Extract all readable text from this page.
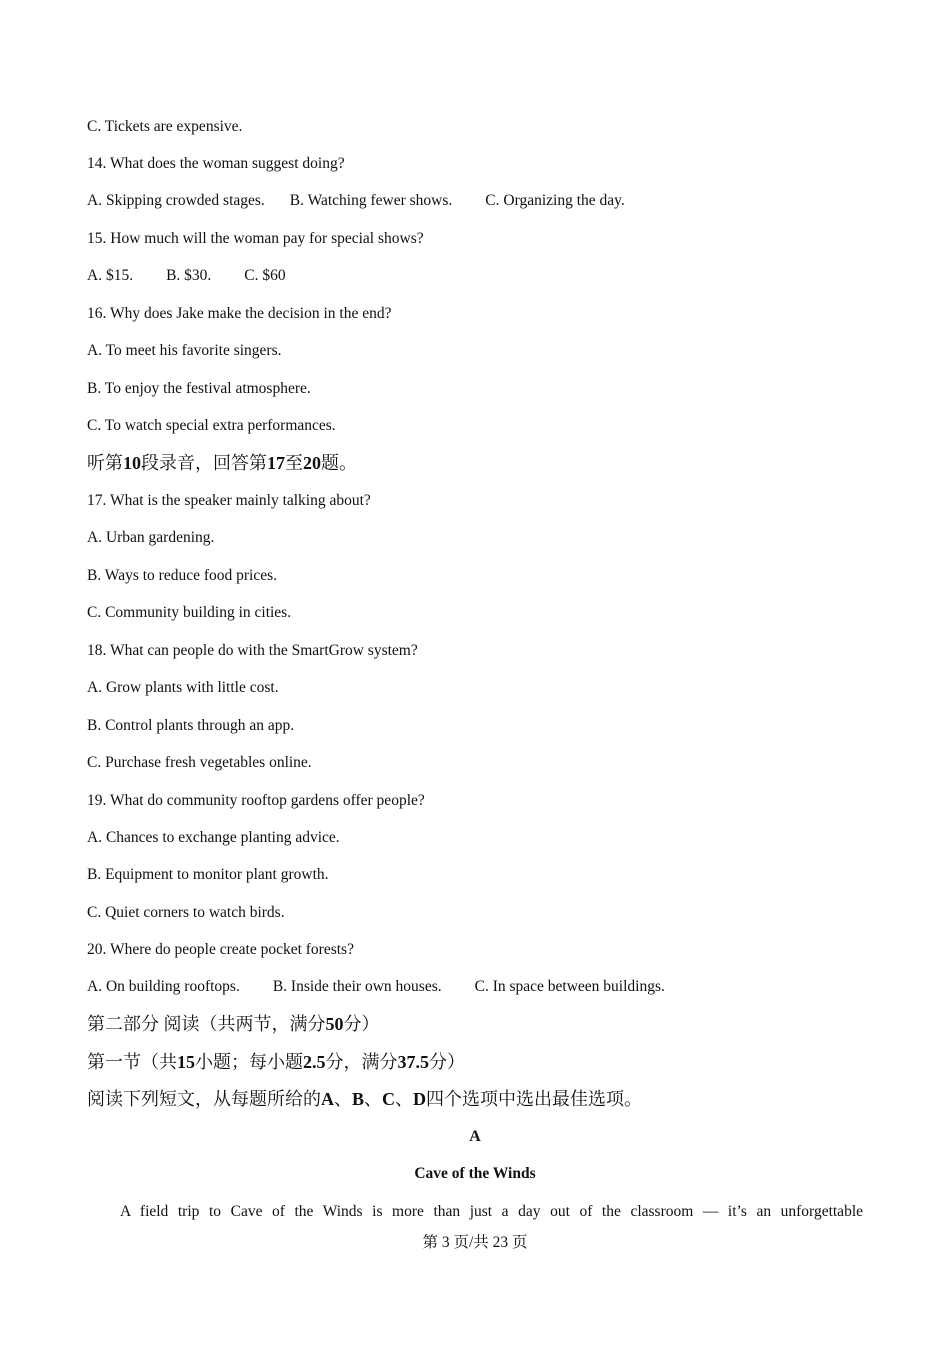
C. Tickets are expensive.
14. What does the woman suggest doing?
A. Skipping crowded stages. B. Watching fewer shows. C. Organizing the day.
15. How much will the woman pay for special shows?
A. $15. B. $30. C. $60
16. Why does Jake make the decision in the end?
A. To meet his favorite singers.
B. To enjoy the festival atmosphere.
C. To watch special extra performances.
听第10段录音，回答第17至20题。
17. What is the speaker mainly talking about?
A. Urban gardening.
B. Ways to reduce food prices.
C. Community building in cities.
18. What can people do with the SmartGrow system?
A. Grow plants with little cost.
B. Control plants through an app.
C. Purchase fresh vegetables online.
19. What do community rooftop gardens offer people?
A. Chances to exchange planting advice.
B. Equipment to monitor plant growth.
C. Quiet corners to watch birds.
20. Where do people create pocket forests?
A. On building rooftops. B. Inside their own houses. C. In space between buildings.
第二部分 阅读（共两节，满分50分）
第一节（共15小题；每小题2.5分，满分37.5分）
阅读下列短文，从每题所给的A、B、C、D四个选项中选出最佳选项。
A
Cave of the Winds
A field trip to Cave of the Winds is more than just a day out of the classroom — it’s an unforgettable
第 3 页/共 23 页
